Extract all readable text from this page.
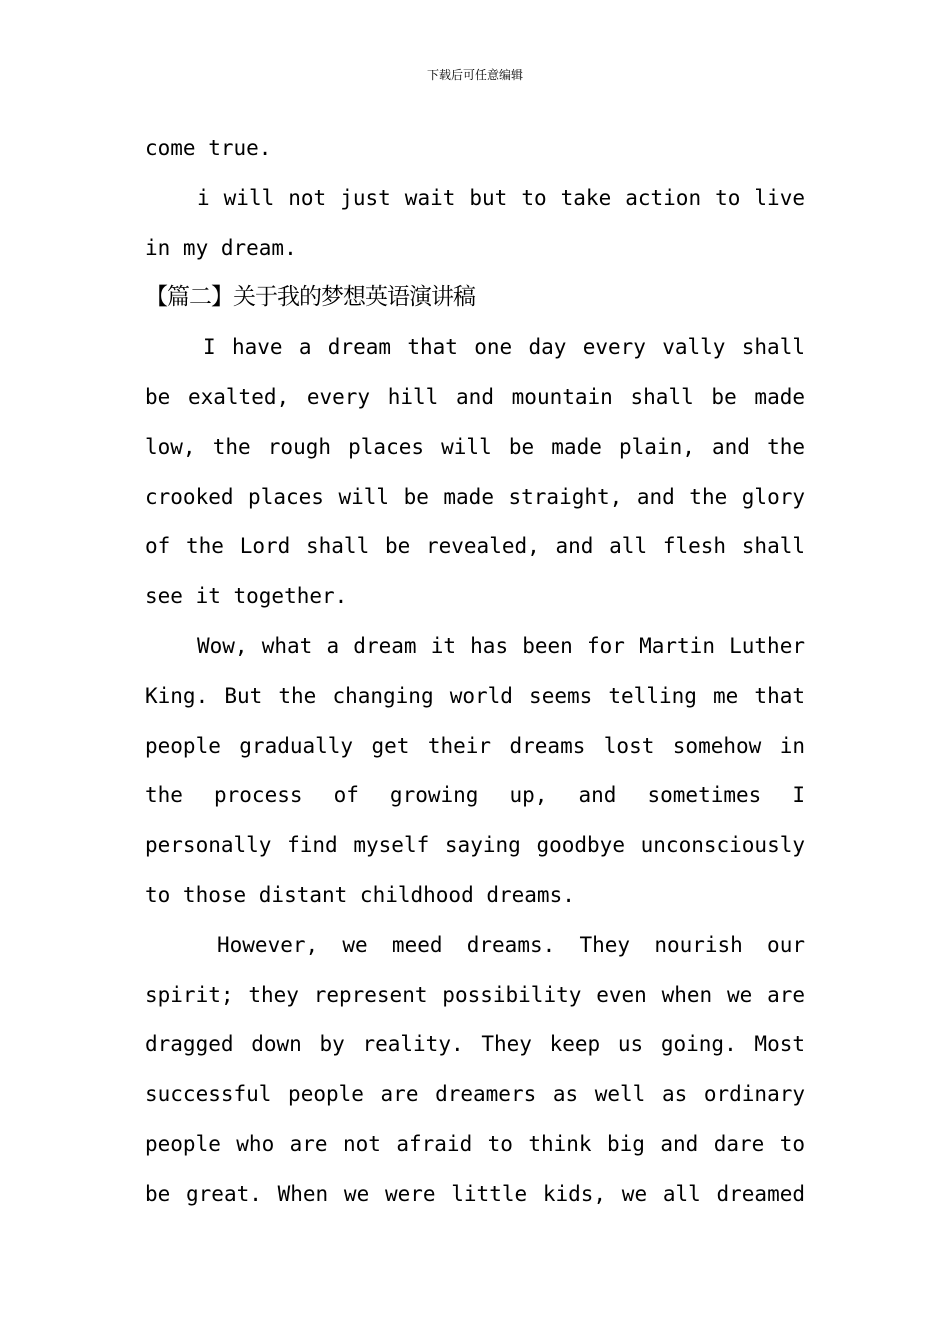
下载后可任意编辑
come true.
i will not just wait but to take action to live
in my dream.
【篇二】关于我的梦想英语演讲稿
I have a dream that one day every vally shall
be exalted, every hill and mountain shall be made
low, the rough places will be made plain, and the
crooked places will be made straight, and the glory
of the Lord shall be revealed, and all flesh shall
see it together.
Wow, what a dream it has been for Martin Luther
King. But the changing world seems telling me that
people gradually get their dreams lost somehow in
the process of growing up, and sometimes I
personally find myself saying goodbye unconsciously
to those distant childhood dreams.
However, we meed dreams. They nourish our
spirit; they represent possibility even when we are
dragged down by reality. They keep us going. Most
successful people are dreamers as well as ordinary
people who are not afraid to think big and dare to
be great. When we were little kids, we all dreamed
